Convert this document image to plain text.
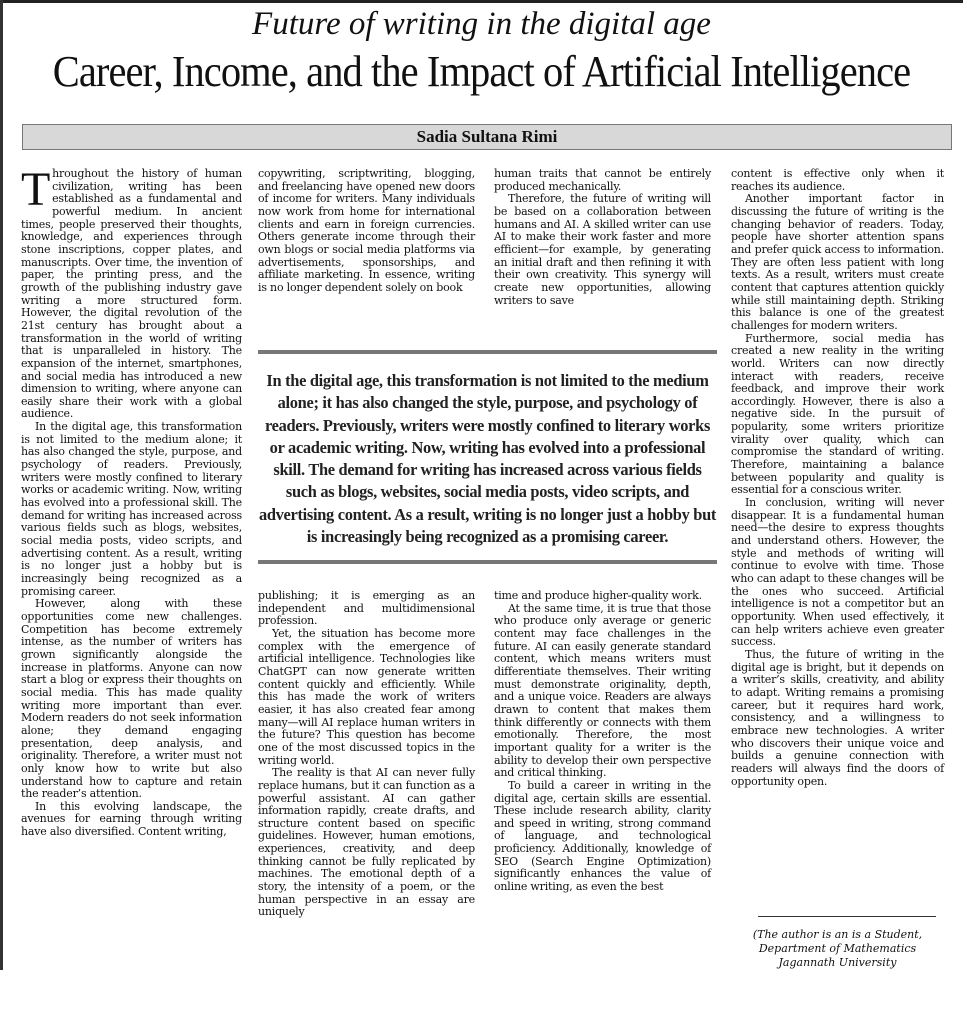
Future of writing in the digital age
Career, Income, and the Impact of Artificial Intelligence
Sadia Sultana Rimi

Throughout the history of human civilization, writing has been established as a fundamental and powerful medium. In ancient times, people preserved their thoughts, knowledge, and experiences through stone inscriptions, copper plates, and manuscripts. Over time, the invention of paper, the printing press, and the growth of the publishing industry gave writing a more structured form. However, the digital revolution of the 21st century has brought about a transformation in the world of writing that is unparalleled in history. The expansion of the internet, smartphones, and social media has introduced a new dimension to writing, where anyone can easily share their work with a global audience.

In the digital age, this transformation is not limited to the medium alone; it has also changed the style, purpose, and psychology of readers. Previously, writers were mostly confined to literary works or academic writing. Now, writing has evolved into a professional skill. The demand for writing has increased across various fields such as blogs, websites, social media posts, video scripts, and advertising content. As a result, writing is no longer just a hobby but is increasingly being recognized as a promising career.

However, along with these opportunities come new challenges. Competition has become extremely intense, as the number of writers has grown significantly alongside the increase in platforms. Anyone can now start a blog or express their thoughts on social media. This has made quality writing more important than ever. Modern readers do not seek information alone; they demand engaging presentation, deep analysis, and originality. Therefore, a writer must not only know how to write but also understand how to capture and retain the reader’s attention.

In this evolving landscape, the avenues for earning through writing have also diversified. Content writing,

copywriting, scriptwriting, blogging, and freelancing have opened new doors of income for writers. Many individuals now work from home for international clients and earn in foreign currencies. Others generate income through their own blogs or social media platforms via advertisements, sponsorships, and affiliate marketing. In essence, writing is no longer dependent solely on book

human traits that cannot be entirely produced mechanically.

Therefore, the future of writing will be based on a collaboration between humans and AI. A skilled writer can use AI to make their work faster and more efficient—for example, by generating an initial draft and then refining it with their own creativity. This synergy will create new opportunities, allowing writers to save

In the digital age, this transformation is not limited to the medium alone; it has also changed the style, purpose, and psychology of readers. Previously, writers were mostly confined to literary works or academic writing. Now, writing has evolved into a professional skill. The demand for writing has increased across various fields such as blogs, websites, social media posts, video scripts, and advertising content. As a result, writing is no longer just a hobby but is increasingly being recognized as a promising career.

publishing; it is emerging as an independent and multidimensional profession.

Yet, the situation has become more complex with the emergence of artificial intelligence. Technologies like ChatGPT can now generate written content quickly and efficiently. While this has made the work of writers easier, it has also created fear among many—will AI replace human writers in the future? This question has become one of the most discussed topics in the writing world.

The reality is that AI can never fully replace humans, but it can function as a powerful assistant. AI can gather information rapidly, create drafts, and structure content based on specific guidelines. However, human emotions, experiences, creativity, and deep thinking cannot be fully replicated by machines. The emotional depth of a story, the intensity of a poem, or the human perspective in an essay are uniquely

time and produce higher-quality work.

At the same time, it is true that those who produce only average or generic content may face challenges in the future. AI can easily generate standard content, which means writers must differentiate themselves. Their writing must demonstrate originality, depth, and a unique voice. Readers are always drawn to content that makes them think differently or connects with them emotionally. Therefore, the most important quality for a writer is the ability to develop their own perspective and critical thinking.

To build a career in writing in the digital age, certain skills are essential. These include research ability, clarity and speed in writing, strong command of language, and technological proficiency. Additionally, knowledge of SEO (Search Engine Optimization) significantly enhances the value of online writing, as even the best

content is effective only when it reaches its audience.

Another important factor in discussing the future of writing is the changing behavior of readers. Today, people have shorter attention spans and prefer quick access to information. They are often less patient with long texts. As a result, writers must create content that captures attention quickly while still maintaining depth. Striking this balance is one of the greatest challenges for modern writers.

Furthermore, social media has created a new reality in the writing world. Writers can now directly interact with readers, receive feedback, and improve their work accordingly. However, there is also a negative side. In the pursuit of popularity, some writers prioritize virality over quality, which can compromise the standard of writing. Therefore, maintaining a balance between popularity and quality is essential for a conscious writer.

In conclusion, writing will never disappear. It is a fundamental human need—the desire to express thoughts and understand others. However, the style and methods of writing will continue to evolve with time. Those who can adapt to these changes will be the ones who succeed. Artificial intelligence is not a competitor but an opportunity. When used effectively, it can help writers achieve even greater success.

Thus, the future of writing in the digital age is bright, but it depends on a writer’s skills, creativity, and ability to adapt. Writing remains a promising career, but it requires hard work, consistency, and a willingness to embrace new technologies. A writer who discovers their unique voice and builds a genuine connection with readers will always find the doors of opportunity open.

(The author is an is a Student,
Department of Mathematics
Jagannath University
